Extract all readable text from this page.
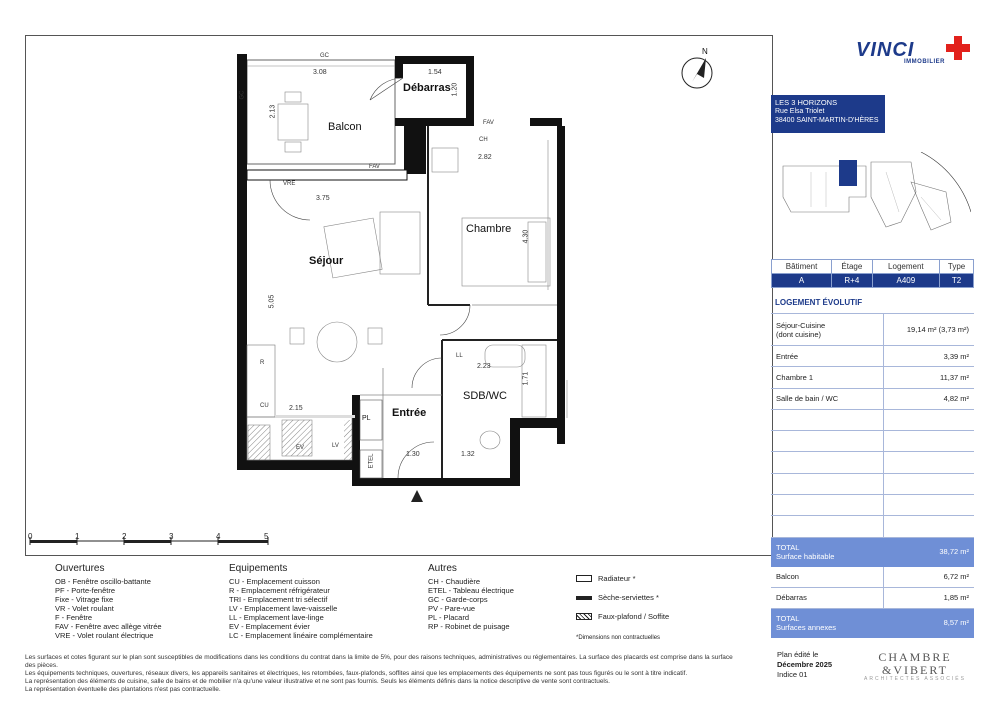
Balcon
Débarras
Séjour
Chambre
SDB/WC
Entrée
3.08	1.54
2.13
1.20
2.82
3.75
4.30
5.05
2.23
1.71
2.15
1.30	1.32
GC
GC
FAV
FAV
VRE
CH
R
CU
PL
EV	LV
LL
ETEL
N
0	1	2	3	4	5
Ouvertures
OB - Fenêtre oscillo-battante
PF - Porte-fenêtre
Fixe - Vitrage fixe
VR - Volet roulant
F - Fenêtre
FAV - Fenêtre avec allège vitrée
VRE - Volet roulant électrique
Equipements
CU - Emplacement cuisson
R - Emplacement réfrigérateur
TRI - Emplacement tri sélectif
LV - Emplacement lave-vaisselle
LL - Emplacement lave-linge
EV - Emplacement évier
LC - Emplacement linéaire complémentaire
Autres
CH - Chaudière
ETEL - Tableau électrique
GC - Garde-corps
PV - Pare-vue
PL - Placard
RP - Robinet de puisage
Radiateur *
Sèche-serviettes *
Faux-plafond / Soffite
*Dimensions non contractuelles
Les surfaces et cotes figurant sur le plan sont susceptibles de modifications dans les conditions du contrat dans la limite de 5%, pour des raisons techniques, administratives ou réglementaires. La surface des placards est comprise dans la surface des pièces.
Les équipements techniques, ouvertures, réseaux divers, les appareils sanitaires et électriques, les retombées, faux-plafonds, soffites ainsi que les emplacements des équipements ne sont pas tous figurés ou le sont à titre indicatif.
La représentation des éléments de cuisine, salle de bains et de mobilier n'a qu'une valeur illustrative et ne sont pas fournis. Seuls les éléments définis dans la notice descriptive de vente sont contractuels.
La représentation éventuelle des plantations n'est pas contractuelle.
VINCI
IMMOBILIER
LES 3 HORIZONS
Rue Elsa Triolet
38400 SAINT-MARTIN-D'HÈRES
Bâtiment	Étage	Logement	Type
A	R+4	A409	T2
LOGEMENT ÉVOLUTIF
Séjour-Cuisine
(dont cuisine)	19,14 m² (3,73 m²)
Entrée	3,39 m²
Chambre 1	11,37 m²
Salle de bain / WC	4,82 m²

TOTAL
Surface habitable	38,72 m²
Balcon	6,72 m²
Débarras	1,85 m²
TOTAL
Surfaces annexes	8,57 m²
Plan édité le
Décembre 2025
Indice 01
CHAMBRE
&VIBERT
ARCHITECTES ASSOCIÉS
